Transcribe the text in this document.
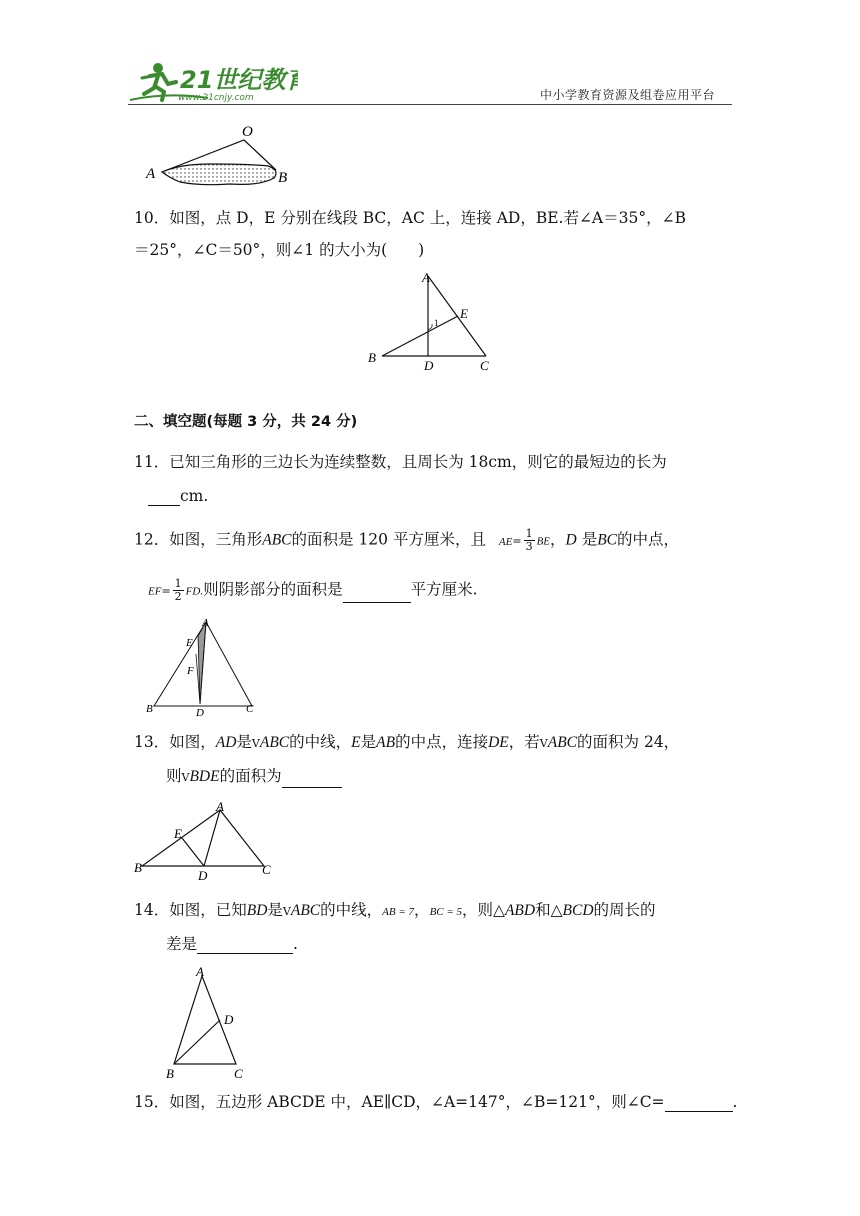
21世纪教育
www.21cnjy.com	中小学教育资源及组卷应用平台
O
A	B
10．如图，点 D，E 分别在线段 BC，AC 上，连接 AD，BE.若∠A＝35°，∠B
＝25°，∠C＝50°，则∠1 的大小为(　　)
A
E
1
B
D	C
二、填空题(每题 3 分，共 24 分)
11．已知三角形的三边长为连续整数，且周长为 18cm，则它的最短边的长为
cm.
12．如图，三角形ABC的面积是 120 平方厘米，且 $AE= \frac{1}{3}$ BE，D 是BC的中点，
$EF= \frac{1}{2}$ FD.则阴影部分的面积是	平方厘米.
A
E
F
B	D	C
13．如图，AD是VABC的中线，E是AB的中点，连接DE，若VABC的面积为 24，
则VBDE的面积为
A
E
B
D	C
14．如图，已知BD是VABC的中线，AB = 7，BC = 5，则△ABD和△BCD的周长的
差是	.
A
D
B	C
15．如图，五边形 ABCDE 中，AE∥CD，∠A=147°，∠B=121°，则∠C=	.
